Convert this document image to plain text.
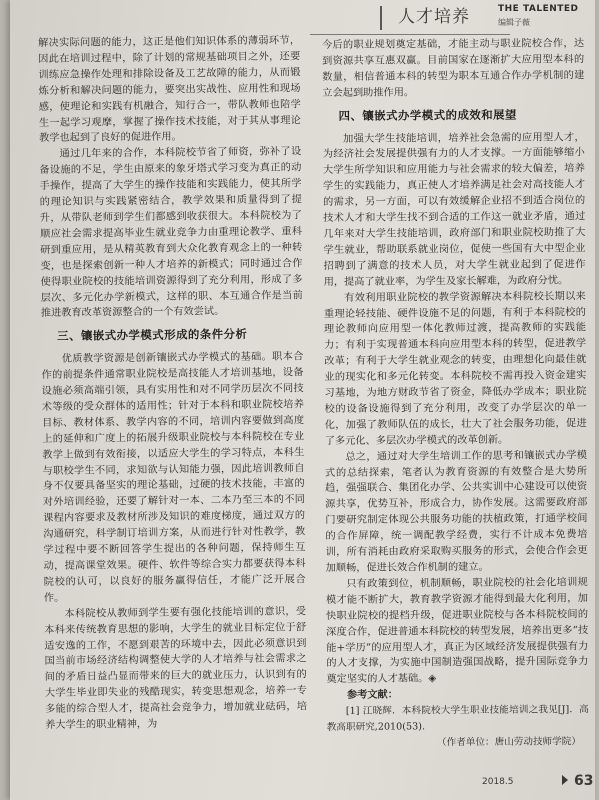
人才培养	THE TALENTED
编辑子薇

解决实际问题的能力，这正是他们知识体系的薄弱环节，因此在培训过程中，除了计划的常规基础项目之外，还要训练应急操作处理和排除设备及工艺故障的能力，从而锻炼分析和解决问题的能力，要突出实战性、应用性和现场感，使理论和实践有机融合，知行合一，带队教师也陪学生一起学习观摩，掌握了操作技术技能，对于其从事理论教学也起到了良好的促进作用。

通过几年来的合作，本科院校节省了师资，弥补了设备设施的不足，学生由原来的象牙塔式学习变为真正的动手操作，提高了大学生的操作技能和实践能力，使其所学的理论知识与实践紧密结合，教学效果和质量得到了提升，从带队老师到学生们都感到收获很大。本科院校为了顺应社会需求提高毕业生就业竞争力由重理论教学、重科研到重应用，是从精英教育到大众化教育观念上的一种转变，也是探索创新一种人才培养的新模式；同时通过合作使得职业院校的技能培训资源得到了充分利用，形成了多层次、多元化办学新模式，这样的职、本互通合作是当前推进教育改革资源整合的一个有效尝试。

三、镶嵌式办学模式形成的条件分析

优质教学资源是创新镶嵌式办学模式的基础。职本合作的前提条件通常职业院校是高技能人才培训基地，设备设施必须高端引领，具有实用性和对不同学历层次不同技术等级的受众群体的适用性；针对于本科和职业院校培养目标、教材体系、教学内容的不同，培训内容要做到高度上的延伸和广度上的拓展升级职业院校与本科院校在专业教学上做到有效衔接，以适应大学生的学习特点，本科生与职校学生不同，求知欲与认知能力强，因此培训教师自身不仅要具备坚实的理论基础，过硬的技术技能，丰富的对外培训经验，还要了解针对一本、二本乃至三本的不同课程内容要求及教材所涉及知识的难度梯度，通过双方的沟通研究，科学制订培训方案，从而进行针对性教学，教学过程中要不断回答学生提出的各种问题，保持师生互动，提高课堂效果。硬件、软件等综合实力都要获得本科院校的认可，以良好的服务赢得信任，才能广泛开展合作。

本科院校从教师到学生要有强化技能培训的意识，受本科来传统教育思想的影响，大学生的就业目标定位于舒适安逸的工作，不愿到艰苦的环境中去，因此必须意识到国当前市场经济结构调整使大学的人才培养与社会需求之间的矛盾日益凸显而带来的巨大的就业压力，认识到有的大学生毕业即失业的残酷现实，转变思想观念，培养一专多能的综合型人才，提高社会竞争力，增加就业砝码，培养大学生的职业精神，为

今后的职业规划奠定基础，才能主动与职业院校合作，达到资源共享互惠双赢。目前国家在逐渐扩大应用型本科的数量，相信普通本科的转型为职本互通合作办学机制的建立会起到助推作用。

四、镶嵌式办学模式的成效和展望

加强大学生技能培训，培养社会急需的应用型人才，为经济社会发展提供强有力的人才支撑。一方面能够缩小大学生所学知识和应用能力与社会需求的较大偏差，培养学生的实践能力，真正使人才培养满足社会对高技能人才的需求，另一方面，可以有效缓解企业招不到适合岗位的技术人才和大学生找不到合适的工作这一就业矛盾，通过几年来对大学生技能培训，政府部门和职业院校助推了大学生就业，帮助联系就业岗位，促使一些国有大中型企业招聘到了满意的技术人员，对大学生就业起到了促进作用，提高了就业率，为学生及家长解难，为政府分忧。

有效利用职业院校的教学资源解决本科院校长期以来重理论轻技能、硬件设施不足的问题，有利于本科院校的理论教师向应用型一体化教师过渡，提高教师的实践能力；有利于实现普通本科向应用型本科的转型，促进教学改革；有利于大学生就业观念的转变，由理想化向最佳就业的现实化和多元化转变。本科院校不需再投入资金建实习基地，为地方财政节省了资金，降低办学成本；职业院校的设备设施得到了充分利用，改变了办学层次的单一化，加强了教师队伍的成长，壮大了社会服务功能，促进了多元化、多层次办学模式的改革创新。

总之，通过对大学生培训工作的思考和镶嵌式办学模式的总结探索，笔者认为教育资源的有效整合是大势所趋，强强联合、集团化办学、公共实训中心建设可以使资源共享，优势互补，形成合力，协作发展。这需要政府部门要研究制定体现公共服务功能的扶植政策，打通学校间的合作屏障，统一调配教学经费，实行不计成本免费培训，所有消耗由政府采取购买服务的形式，会使合作会更加顺畅，促进长效合作机制的建立。

只有政策到位，机制顺畅，职业院校的社会化培训规模才能不断扩大，教育教学资源才能得到最大化利用，加快职业院校的提档升级，促进职业院校与各本科院校间的深度合作，促进普通本科院校的转型发展，培养出更多“技能+学历”的应用型人才，真正为区域经济发展提供强有力的人才支撑，为实施中国制造强国战略，提升国际竞争力奠定坚实的人才基础。◈

参考文献：

[1] 江晓辉．本科院校大学生职业技能培训之我见[J]．高教高职研究,2010(53).

（作者单位：唐山劳动技师学院）

2018.5	63
